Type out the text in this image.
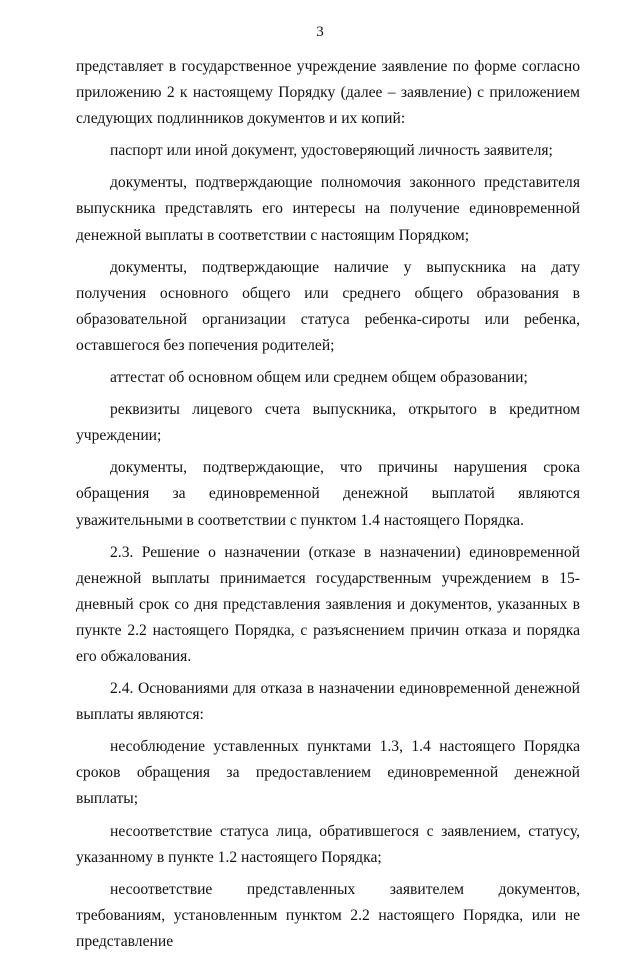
3

представляет в государственное учреждение заявление по форме согласно приложению 2 к настоящему Порядку (далее – заявление) с приложением следующих подлинников документов и их копий:

паспорт или иной документ, удостоверяющий личность заявителя;

документы, подтверждающие полномочия законного представителя выпускника представлять его интересы на получение единовременной денежной выплаты в соответствии с настоящим Порядком;

документы, подтверждающие наличие у выпускника на дату получения основного общего или среднего общего образования в образовательной организации статуса ребенка-сироты или ребенка, оставшегося без попечения родителей;

аттестат об основном общем или среднем общем образовании;

реквизиты лицевого счета выпускника, открытого в кредитном учреждении;

документы, подтверждающие, что причины нарушения срока обращения за единовременной денежной выплатой являются уважительными в соответствии с пунктом 1.4 настоящего Порядка.

2.3. Решение о назначении (отказе в назначении) единовременной денежной выплаты принимается государственным учреждением в 15-дневный срок со дня представления заявления и документов, указанных в пункте 2.2 настоящего Порядка, с разъяснением причин отказа и порядка его обжалования.

2.4. Основаниями для отказа в назначении единовременной денежной выплаты являются:

несоблюдение уставленных пунктами 1.3, 1.4 настоящего Порядка сроков обращения за предоставлением единовременной денежной выплаты;

несоответствие статуса лица, обратившегося с заявлением, статусу, указанному в пункте 1.2 настоящего Порядка;

несоответствие представленных заявителем документов, требованиям, установленным пунктом 2.2 настоящего Порядка, или не представление
